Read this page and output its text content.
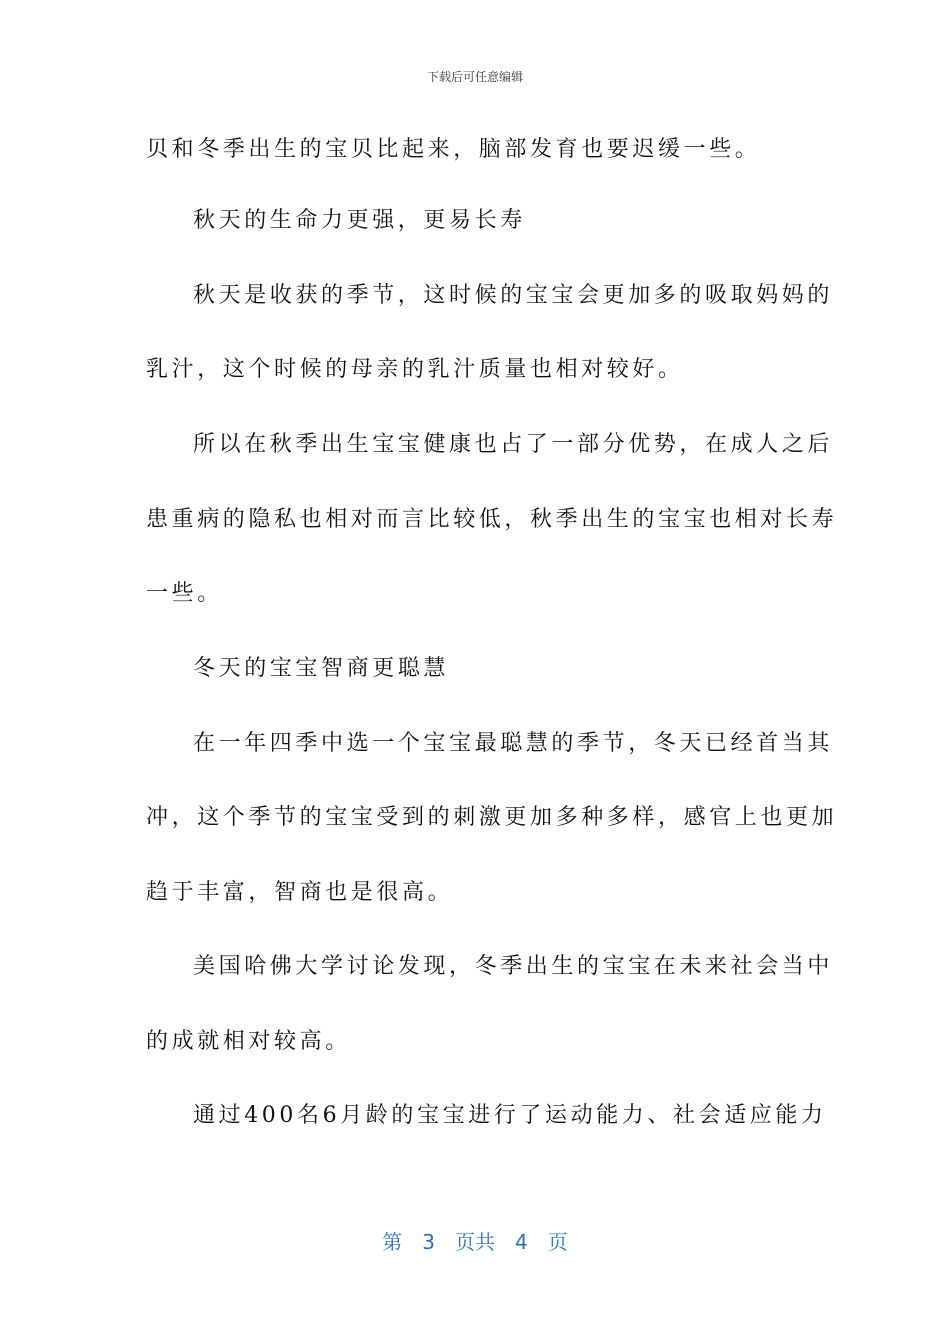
下载后可任意编辑
贝和冬季出生的宝贝比起来，脑部发育也要迟缓一些。
秋天的生命力更强，更易长寿
秋天是收获的季节，这时候的宝宝会更加多的吸取妈妈的
乳汁，这个时候的母亲的乳汁质量也相对较好。
所以在秋季出生宝宝健康也占了一部分优势，在成人之后
患重病的隐私也相对而言比较低，秋季出生的宝宝也相对长寿
一些。
冬天的宝宝智商更聪慧
在一年四季中选一个宝宝最聪慧的季节，冬天已经首当其
冲，这个季节的宝宝受到的刺激更加多种多样，感官上也更加
趋于丰富，智商也是很高。
美国哈佛大学讨论发现，冬季出生的宝宝在未来社会当中
的成就相对较高。
通过400名6月龄的宝宝进行了运动能力、社会适应能力
第 3 页共 4 页
